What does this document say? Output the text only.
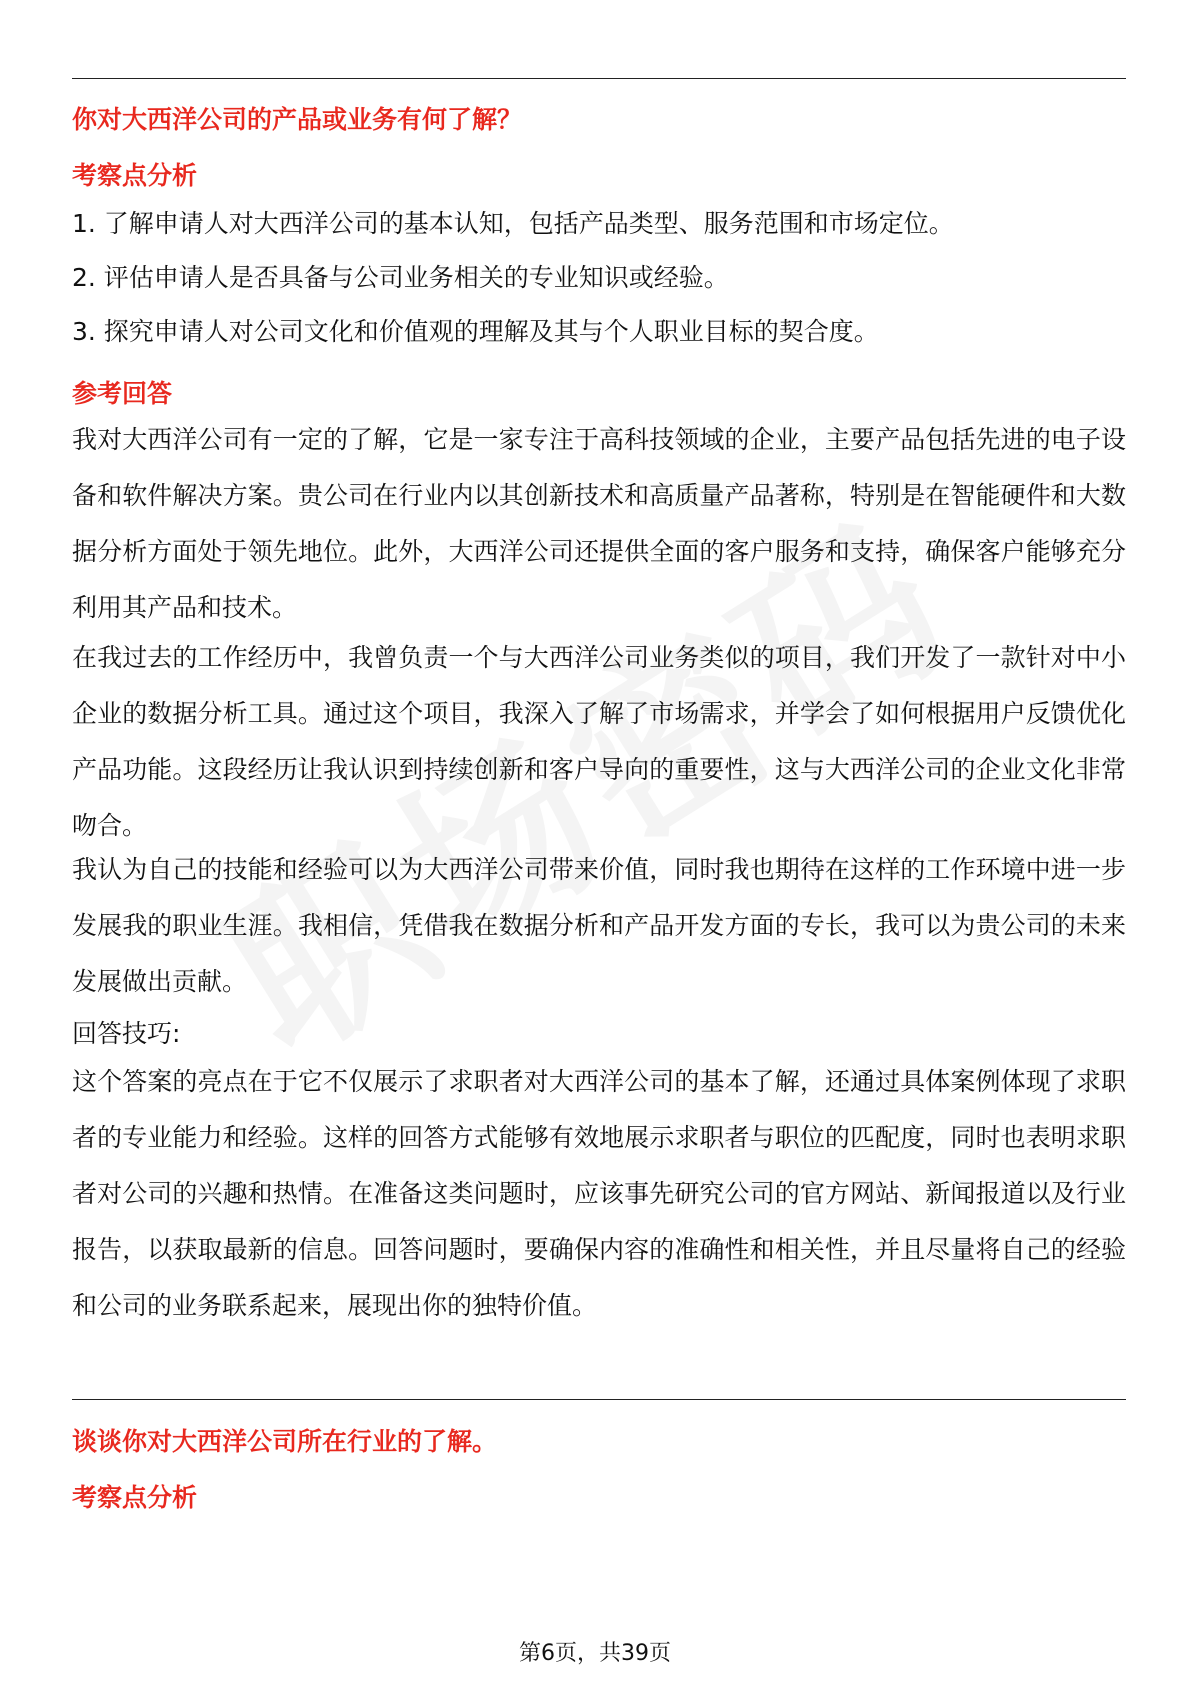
你对大西洋公司的产品或业务有何了解？
考察点分析
1. 了解申请人对大西洋公司的基本认知，包括产品类型、服务范围和市场定位。
2. 评估申请人是否具备与公司业务相关的专业知识或经验。
3. 探究申请人对公司文化和价值观的理解及其与个人职业目标的契合度。
参考回答
我对大西洋公司有一定的了解，它是一家专注于高科技领域的企业，主要产品包括先进的电子设备和软件解决方案。贵公司在行业内以其创新技术和高质量产品著称，特别是在智能硬件和大数据分析方面处于领先地位。此外，大西洋公司还提供全面的客户服务和支持，确保客户能够充分利用其产品和技术。
在我过去的工作经历中，我曾负责一个与大西洋公司业务类似的项目，我们开发了一款针对中小企业的数据分析工具。通过这个项目，我深入了解了市场需求，并学会了如何根据用户反馈优化产品功能。这段经历让我认识到持续创新和客户导向的重要性，这与大西洋公司的企业文化非常吻合。
我认为自己的技能和经验可以为大西洋公司带来价值，同时我也期待在这样的工作环境中进一步发展我的职业生涯。我相信，凭借我在数据分析和产品开发方面的专长，我可以为贵公司的未来发展做出贡献。
回答技巧:
这个答案的亮点在于它不仅展示了求职者对大西洋公司的基本了解，还通过具体案例体现了求职者的专业能力和经验。这样的回答方式能够有效地展示求职者与职位的匹配度，同时也表明求职者对公司的兴趣和热情。在准备这类问题时，应该事先研究公司的官方网站、新闻报道以及行业报告，以获取最新的信息。回答问题时，要确保内容的准确性和相关性，并且尽量将自己的经验和公司的业务联系起来，展现出你的独特价值。
谈谈你对大西洋公司所在行业的了解。
考察点分析
第6页，共39页
